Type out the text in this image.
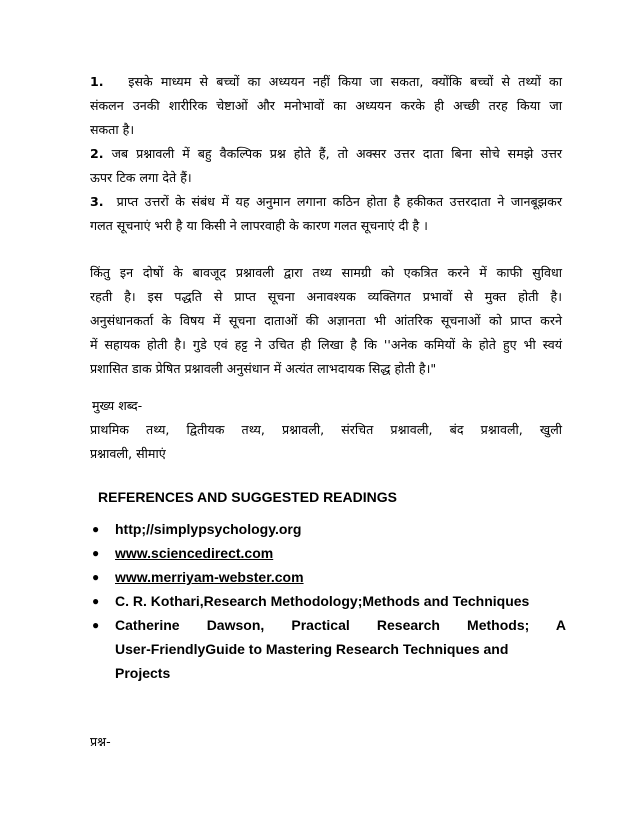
1. इसके माध्यम से बच्चों का अध्ययन नहीं किया जा सकता, क्योंकि बच्चों से तथ्यों का
संकलन उनकी शारीरिक चेष्टाओं और मनोभावों का अध्ययन करके ही अच्छी तरह किया जा
सकता है।
2. जब प्रश्नावली में बहु वैकल्पिक प्रश्न होते हैं, तो अक्सर उत्तर दाता बिना सोचे समझे उत्तर
ऊपर टिक लगा देते हैं।
3. प्राप्त उत्तरों के संबंध में यह अनुमान लगाना कठिन होता है हकीकत उत्तरदाता ने जानबूझकर
गलत सूचनाएं भरी है या किसी ने लापरवाही के कारण गलत सूचनाएं दी है ।
किंतु इन दोषों के बावजूद प्रश्नावली द्वारा तथ्य सामग्री को एकत्रित करने में काफी सुविधा
रहती है। इस पद्धति से प्राप्त सूचना अनावश्यक व्यक्तिगत प्रभावों से मुक्त होती है।
अनुसंधानकर्ता के विषय में सूचना दाताओं की अज्ञानता भी आंतरिक सूचनाओं को प्राप्त करने
में सहायक होती है। गुडे एवं हट्ट ने उचित ही लिखा है कि ''अनेक कमियों के होते हुए भी स्वयं
प्रशासित डाक प्रेषित प्रश्नावली अनुसंधान में अत्यंत लाभदायक सिद्ध होती है।"

मुख्य शब्द-

प्राथमिक तथ्य, द्वितीयक तथ्य, प्रश्नावली, संरचित प्रश्नावली, बंद प्रश्नावली, खुली
प्रश्नावली, सीमाएं

REFERENCES AND SUGGESTED READINGS

● http;//simplypsychology.org
● www.sciencedirect.com
● www.merriyam-webster.com
● C. R. Kothari,Research Methodology;Methods and Techniques
● Catherine Dawson, Practical Research Methods; A
User-FriendlyGuide to Mastering Research Techniques and Projects

प्रश्न-
